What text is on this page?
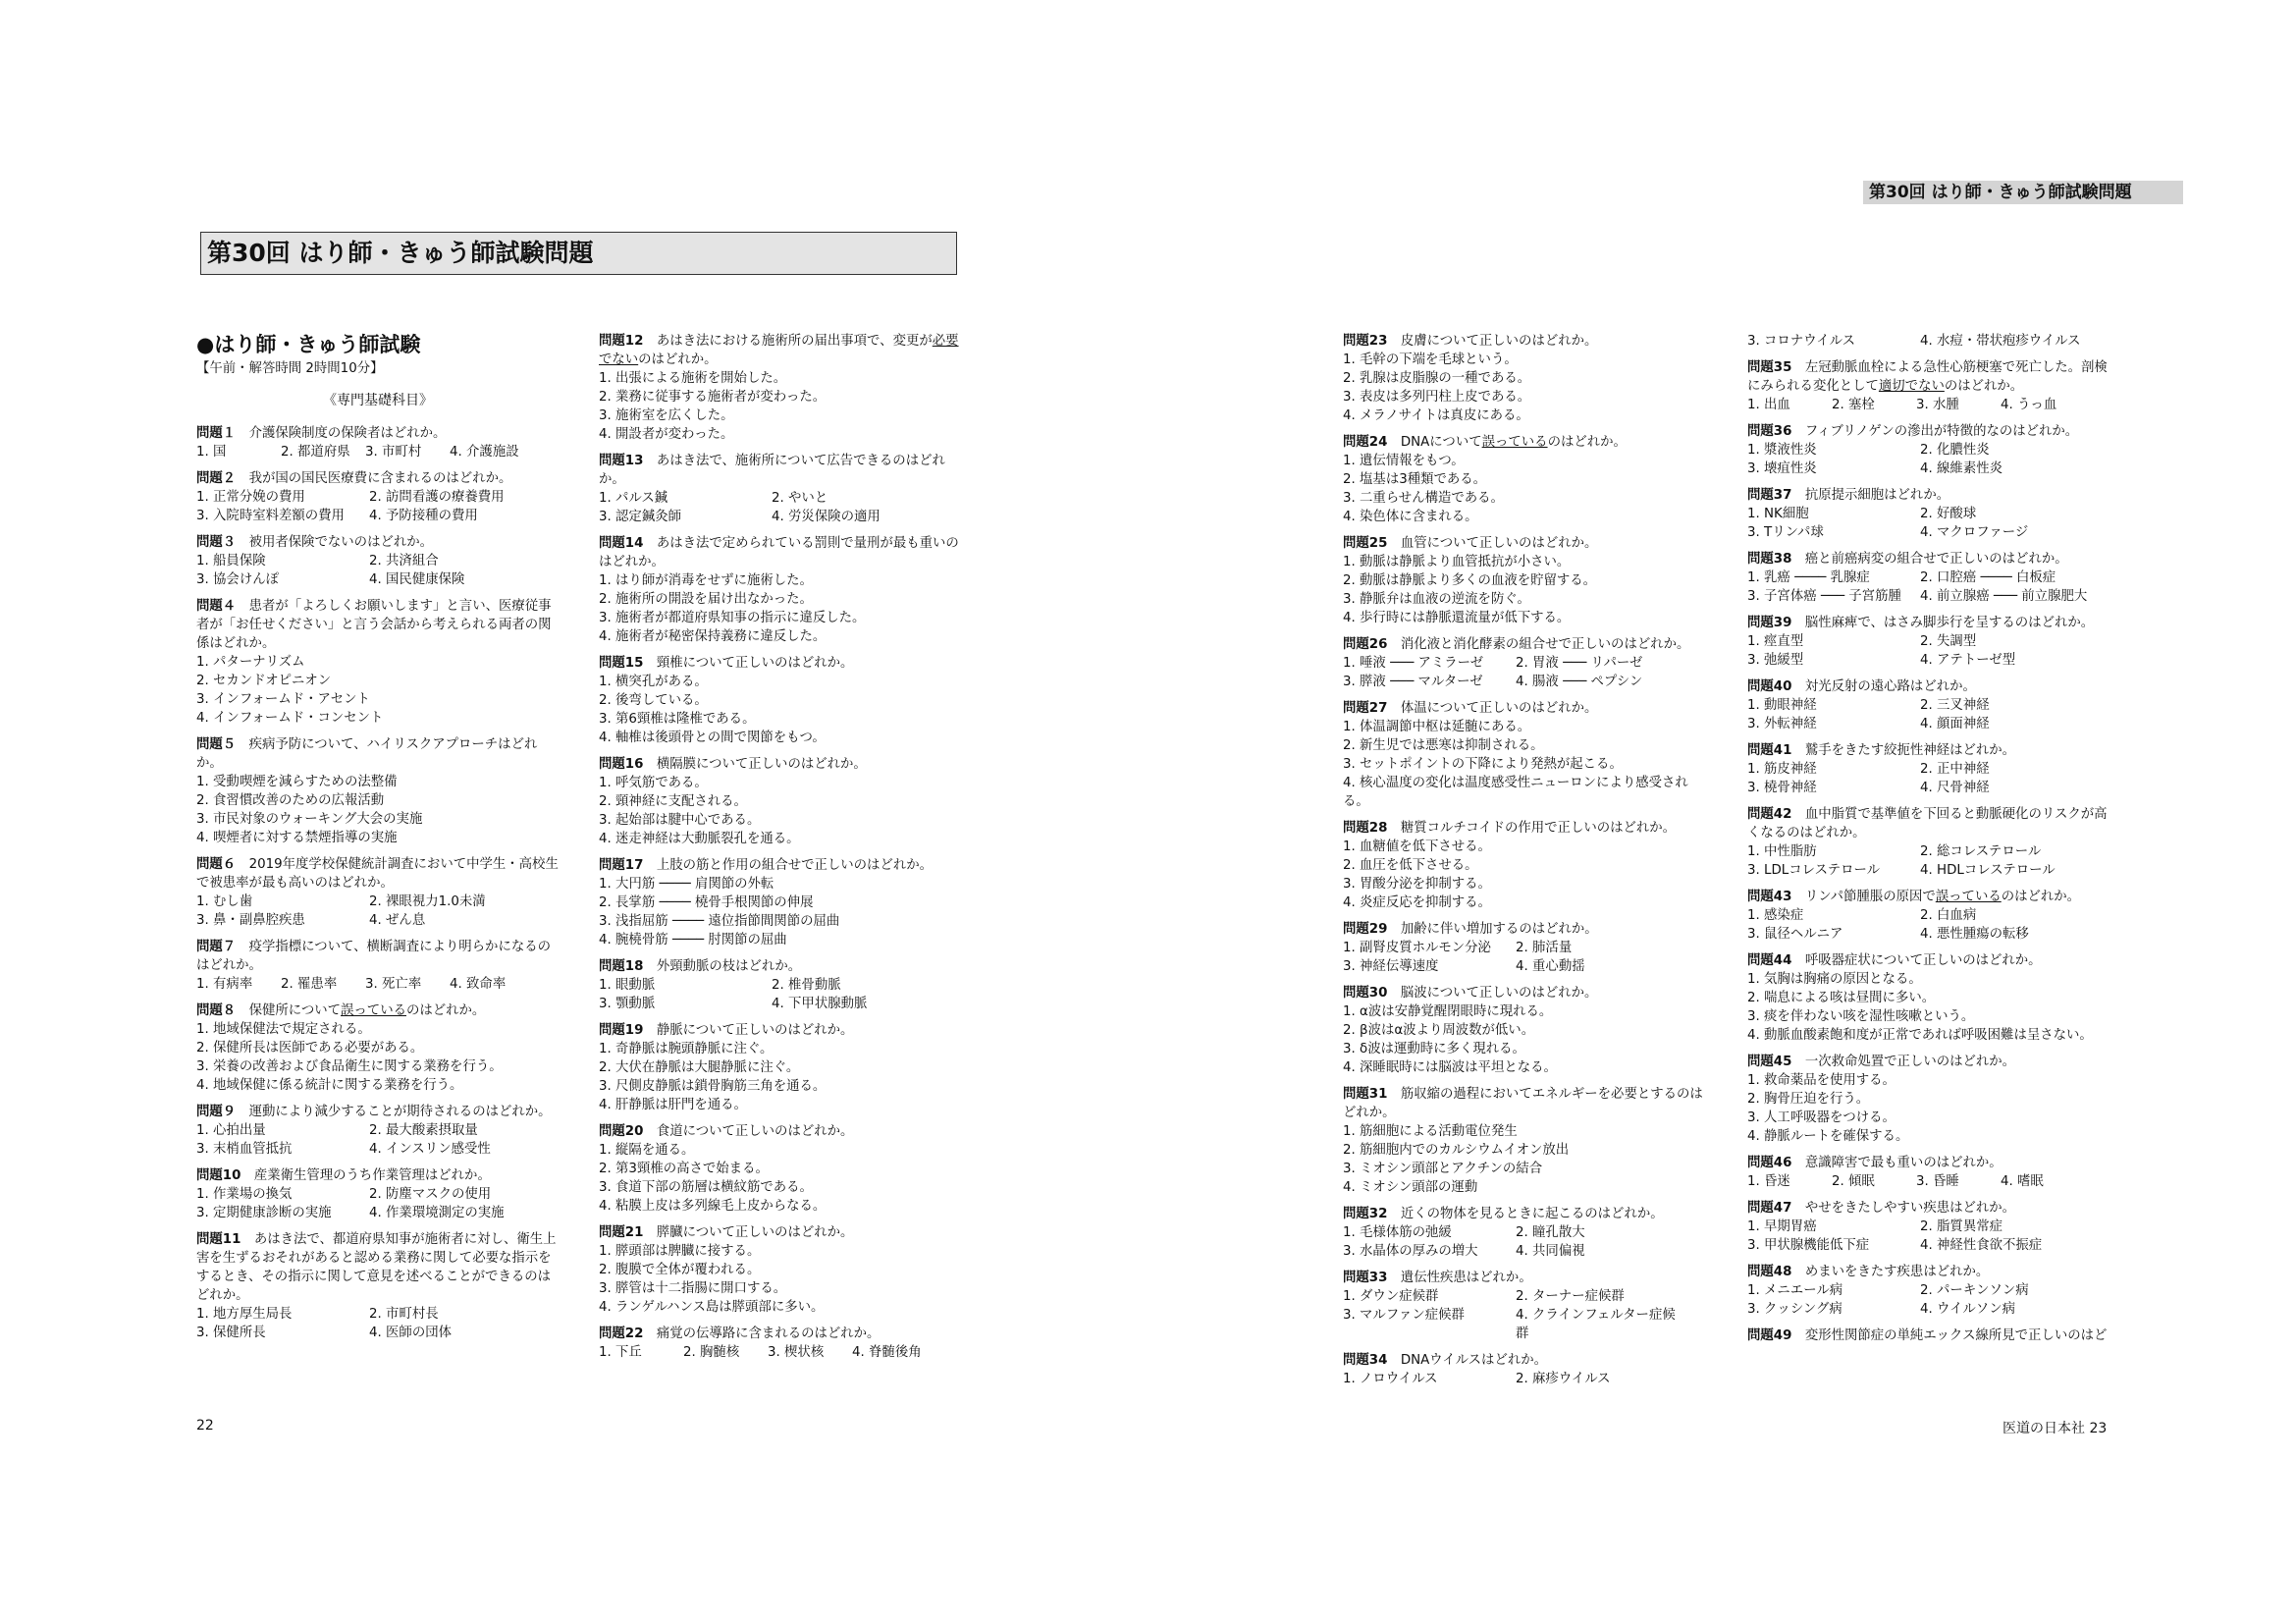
第30回 はり師・きゅう師試験問題
第30回 はり師・きゅう師試験問題
●はり師・きゅう師試験
【午前・解答時間 2時間10分】
《専門基礎科目》

問題１　介護保険制度の保険者はどれか。

1. 国	2. 都道府県	3. 市町村	4. 介護施設

問題２　我が国の国民医療費に含まれるのはどれか。

1. 正常分娩の費用	2. 訪問看護の療養費用
3. 入院時室料差額の費用	4. 予防接種の費用

問題３　被用者保険でないのはどれか。

1. 船員保険	2. 共済組合
3. 協会けんぽ	4. 国民健康保険

問題４　患者が「よろしくお願いします」と言い、医療従事者が「お任せください」と言う会話から考えられる両者の関係はどれか。

1. パターナリズム
2. セカンドオピニオン
3. インフォームド・アセント
4. インフォームド・コンセント

問題５　疾病予防について、ハイリスクアプローチはどれか。

1. 受動喫煙を減らすための法整備
2. 食習慣改善のための広報活動
3. 市民対象のウォーキング大会の実施
4. 喫煙者に対する禁煙指導の実施

問題６　2019年度学校保健統計調査において中学生・高校生で被患率が最も高いのはどれか。

1. むし歯	2. 裸眼視力1.0未満
3. 鼻・副鼻腔疾患	4. ぜん息

問題７　疫学指標について、横断調査により明らかになるのはどれか。

1. 有病率	2. 罹患率	3. 死亡率	4. 致命率

問題８　保健所について誤っているのはどれか。

1. 地域保健法で規定される。
2. 保健所長は医師である必要がある。
3. 栄養の改善および食品衛生に関する業務を行う。
4. 地域保健に係る統計に関する業務を行う。

問題９　運動により減少することが期待されるのはどれか。

1. 心拍出量	2. 最大酸素摂取量
3. 末梢血管抵抗	4. インスリン感受性

問題10　産業衛生管理のうち作業管理はどれか。

1. 作業場の換気	2. 防塵マスクの使用
3. 定期健康診断の実施	4. 作業環境測定の実施

問題11　あはき法で、都道府県知事が施術者に対し、衛生上害を生ずるおそれがあると認める業務に関して必要な指示をするとき、その指示に関して意見を述べることができるのはどれか。

1. 地方厚生局長	2. 市町村長
3. 保健所長	4. 医師の団体

問題12　あはき法における施術所の届出事項で、変更が必要でないのはどれか。

1. 出張による施術を開始した。
2. 業務に従事する施術者が変わった。
3. 施術室を広くした。
4. 開設者が変わった。

問題13　あはき法で、施術所について広告できるのはどれか。

1. パルス鍼	2. やいと
3. 認定鍼灸師	4. 労災保険の適用

問題14　あはき法で定められている罰則で量刑が最も重いのはどれか。

1. はり師が消毒をせずに施術した。
2. 施術所の開設を届け出なかった。
3. 施術者が都道府県知事の指示に違反した。
4. 施術者が秘密保持義務に違反した。

問題15　頸椎について正しいのはどれか。

1. 横突孔がある。
2. 後弯している。
3. 第6頸椎は隆椎である。
4. 軸椎は後頭骨との間で関節をもつ。

問題16　横隔膜について正しいのはどれか。

1. 呼気筋である。
2. 頸神経に支配される。
3. 起始部は腱中心である。
4. 迷走神経は大動脈裂孔を通る。

問題17　上肢の筋と作用の組合せで正しいのはどれか。

1. 大円筋 ──── 肩関節の外転
2. 長掌筋 ──── 橈骨手根関節の伸展
3. 浅指屈筋 ──── 遠位指節間関節の屈曲
4. 腕橈骨筋 ──── 肘関節の屈曲

問題18　外頸動脈の枝はどれか。

1. 眼動脈	2. 椎骨動脈
3. 顎動脈	4. 下甲状腺動脈

問題19　静脈について正しいのはどれか。

1. 奇静脈は腕頭静脈に注ぐ。
2. 大伏在静脈は大腿静脈に注ぐ。
3. 尺側皮静脈は鎖骨胸筋三角を通る。
4. 肝静脈は肝門を通る。

問題20　食道について正しいのはどれか。

1. 縦隔を通る。
2. 第3頸椎の高さで始まる。
3. 食道下部の筋層は横紋筋である。
4. 粘膜上皮は多列線毛上皮からなる。

問題21　膵臓について正しいのはどれか。

1. 膵頭部は脾臓に接する。
2. 腹膜で全体が覆われる。
3. 膵管は十二指腸に開口する。
4. ランゲルハンス島は膵頭部に多い。

問題22　痛覚の伝導路に含まれるのはどれか。

1. 下丘	2. 胸髄核	3. 楔状核	4. 脊髄後角

問題23　皮膚について正しいのはどれか。

1. 毛幹の下端を毛球という。
2. 乳腺は皮脂腺の一種である。
3. 表皮は多列円柱上皮である。
4. メラノサイトは真皮にある。

問題24　DNAについて誤っているのはどれか。

1. 遺伝情報をもつ。
2. 塩基は3種類である。
3. 二重らせん構造である。
4. 染色体に含まれる。

問題25　血管について正しいのはどれか。

1. 動脈は静脈より血管抵抗が小さい。
2. 動脈は静脈より多くの血液を貯留する。
3. 静脈弁は血液の逆流を防ぐ。
4. 歩行時には静脈還流量が低下する。

問題26　消化液と消化酵素の組合せで正しいのはどれか。

1. 唾液 ─── アミラーゼ	2. 胃液 ─── リパーゼ
3. 膵液 ─── マルターゼ	4. 腸液 ─── ペプシン

問題27　体温について正しいのはどれか。

1. 体温調節中枢は延髄にある。
2. 新生児では悪寒は抑制される。
3. セットポイントの下降により発熱が起こる。
4. 核心温度の変化は温度感受性ニューロンにより感受される。

問題28　糖質コルチコイドの作用で正しいのはどれか。

1. 血糖値を低下させる。
2. 血圧を低下させる。
3. 胃酸分泌を抑制する。
4. 炎症反応を抑制する。

問題29　加齢に伴い増加するのはどれか。

1. 副腎皮質ホルモン分泌	2. 肺活量
3. 神経伝導速度	4. 重心動揺

問題30　脳波について正しいのはどれか。

1. α波は安静覚醒閉眼時に現れる。
2. β波はα波より周波数が低い。
3. δ波は運動時に多く現れる。
4. 深睡眠時には脳波は平坦となる。

問題31　筋収縮の過程においてエネルギーを必要とするのはどれか。

1. 筋細胞による活動電位発生
2. 筋細胞内でのカルシウムイオン放出
3. ミオシン頭部とアクチンの結合
4. ミオシン頭部の運動

問題32　近くの物体を見るときに起こるのはどれか。

1. 毛様体筋の弛緩	2. 瞳孔散大
3. 水晶体の厚みの増大	4. 共同偏視

問題33　遺伝性疾患はどれか。

1. ダウン症候群	2. ターナー症候群
3. マルファン症候群	4. クラインフェルター症候群

問題34　DNAウイルスはどれか。

1. ノロウイルス	2. 麻疹ウイルス
3. コロナウイルス	4. 水痘・帯状疱疹ウイルス

問題35　左冠動脈血栓による急性心筋梗塞で死亡した。剖検にみられる変化として適切でないのはどれか。

1. 出血	2. 塞栓	3. 水腫	4. うっ血

問題36　フィブリノゲンの滲出が特徴的なのはどれか。

1. 漿液性炎	2. 化膿性炎
3. 壊疽性炎	4. 線維素性炎

問題37　抗原提示細胞はどれか。

1. NK細胞	2. 好酸球
3. Tリンパ球	4. マクロファージ

問題38　癌と前癌病変の組合せで正しいのはどれか。

1. 乳癌 ──── 乳腺症	2. 口腔癌 ──── 白板症
3. 子宮体癌 ─── 子宮筋腫	4. 前立腺癌 ─── 前立腺肥大

問題39　脳性麻痺で、はさみ脚歩行を呈するのはどれか。

1. 痙直型	2. 失調型
3. 弛緩型	4. アテトーゼ型

問題40　対光反射の遠心路はどれか。

1. 動眼神経	2. 三叉神経
3. 外転神経	4. 顔面神経

問題41　鷲手をきたす絞扼性神経はどれか。

1. 筋皮神経	2. 正中神経
3. 橈骨神経	4. 尺骨神経

問題42　血中脂質で基準値を下回ると動脈硬化のリスクが高くなるのはどれか。

1. 中性脂肪	2. 総コレステロール
3. LDLコレステロール	4. HDLコレステロール

問題43　リンパ節腫脹の原因で誤っているのはどれか。

1. 感染症	2. 白血病
3. 鼠径ヘルニア	4. 悪性腫瘍の転移

問題44　呼吸器症状について正しいのはどれか。

1. 気胸は胸痛の原因となる。
2. 喘息による咳は昼間に多い。
3. 痰を伴わない咳を湿性咳嗽という。
4. 動脈血酸素飽和度が正常であれば呼吸困難は呈さない。

問題45　一次救命処置で正しいのはどれか。

1. 救命薬品を使用する。
2. 胸骨圧迫を行う。
3. 人工呼吸器をつける。
4. 静脈ルートを確保する。

問題46　意識障害で最も重いのはどれか。

1. 昏迷	2. 傾眠	3. 昏睡	4. 嗜眠

問題47　やせをきたしやすい疾患はどれか。

1. 早期胃癌	2. 脂質異常症
3. 甲状腺機能低下症	4. 神経性食欲不振症

問題48　めまいをきたす疾患はどれか。

1. メニエール病	2. パーキンソン病
3. クッシング病	4. ウイルソン病

問題49　変形性関節症の単純エックス線所見で正しいのはど

22	医道の日本社 23
